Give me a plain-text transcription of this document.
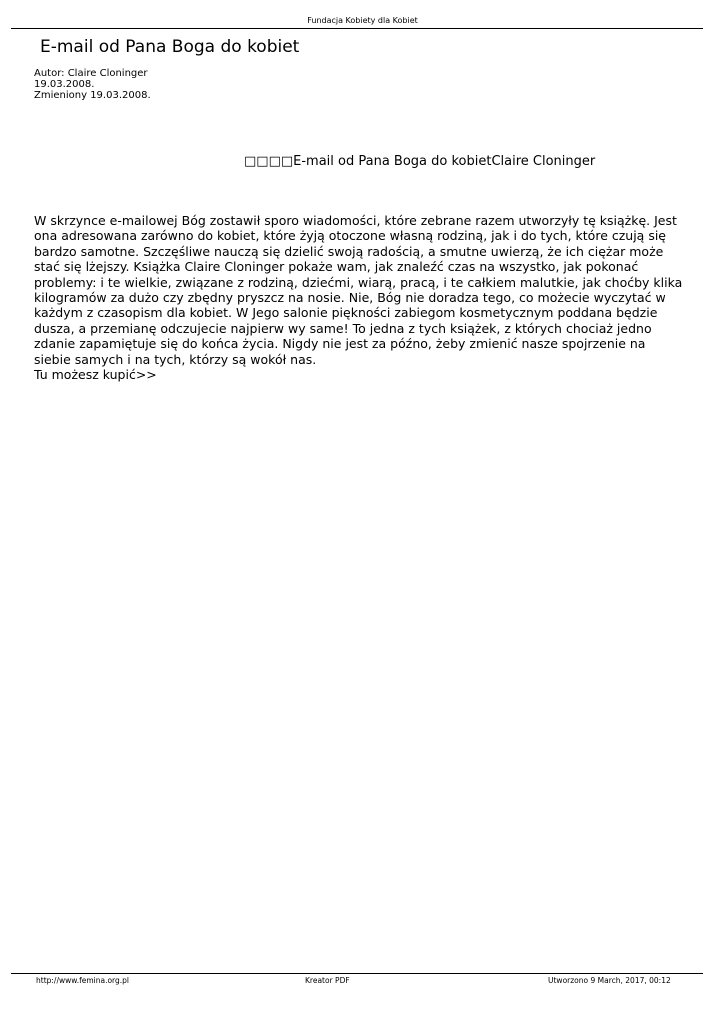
Fundacja Kobiety dla Kobiet
E-mail od Pana Boga do kobiet
Autor: Claire Cloninger
19.03.2008.
Zmieniony 19.03.2008.
□□□□E-mail od Pana Boga do kobietClaire Cloninger
W skrzynce e-mailowej Bóg zostawił sporo wiadomości, które zebrane razem utworzyły tę książkę. Jest ona adresowana zarówno do kobiet, które żyją otoczone własną rodziną, jak i do tych, które czują się bardzo samotne. Szczęśliwe nauczą się dzielić swoją radością, a smutne uwierzą, że ich ciężar może stać się lżejszy. Książka Claire Cloninger pokaże wam, jak znaleźć czas na wszystko, jak pokonać problemy: i te wielkie, związane z rodziną, dziećmi, wiarą, pracą, i te całkiem malutkie, jak choćby klika kilogramów za dużo czy zbędny pryszcz na nosie. Nie, Bóg nie doradza tego, co możecie wyczytać w każdym z czasopism dla kobiet. W Jego salonie piękności zabiegom kosmetycznym poddana będzie dusza, a przemianę odczujecie najpierw wy same! To jedna z tych książek, z których chociaż jedno zdanie zapamiętuje się do końca życia. Nigdy nie jest za późno, żeby zmienić nasze spojrzenie na siebie samych i na tych, którzy są wokół nas.
Tu możesz kupić>>
http://www.femina.org.pl	Kreator PDF	Utworzono 9 March, 2017, 00:12
